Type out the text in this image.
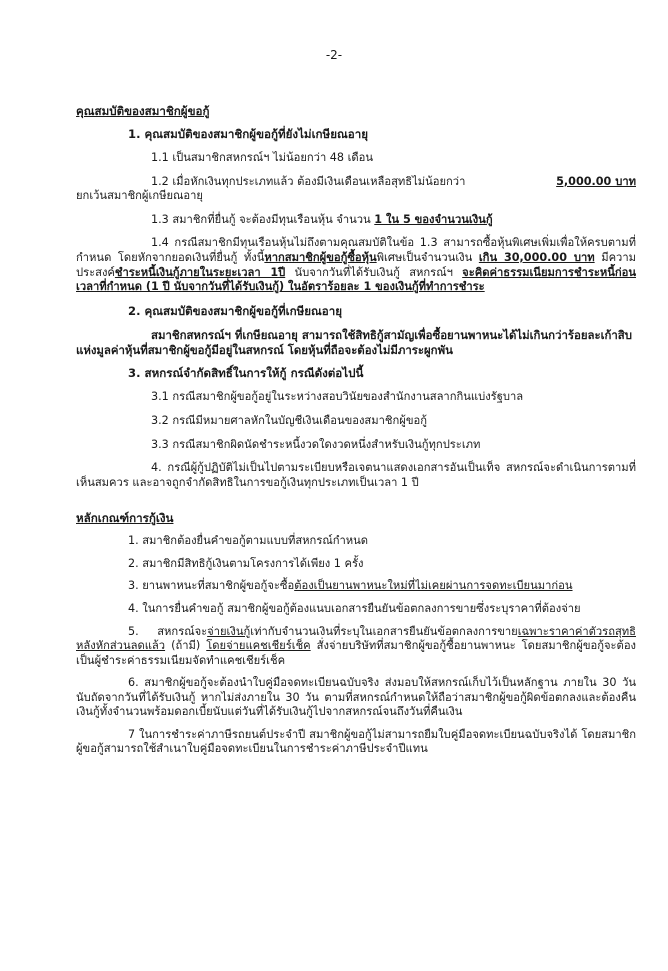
-2-
คุณสมบัติของสมาชิกผู้ขอกู้
1. คุณสมบัติของสมาชิกผู้ขอกู้ที่ยังไม่เกษียณอายุ
1.1 เป็นสมาชิกสหกรณ์ฯ ไม่น้อยกว่า 48 เดือน
1.2 เมื่อหักเงินทุกประเภทแล้ว ต้องมีเงินเดือนเหลือสุทธิไม่น้อยกว่า	5,000.00 บาท

ยกเว้นสมาชิกผู้เกษียณอายุ
1.3 สมาชิกที่ยื่นกู้ จะต้องมีทุนเรือนหุ้น จำนวน 1 ใน 5 ของจำนวนเงินกู้
1.4 กรณีสมาชิกมีทุนเรือนหุ้นไม่ถึงตามคุณสมบัติในข้อ 1.3 สามารถซื้อหุ้นพิเศษเพิ่มเพื่อให้ครบตามที่กำหนด โดยหักจากยอดเงินที่ยื่นกู้ ทั้งนี้หากสมาชิกผู้ขอกู้ซื้อหุ้นพิเศษเป็นจำนวนเงิน เกิน 30,000.00 บาท มีความประสงค์ชำระหนี้เงินกู้ภายในระยะเวลา 1ปี นับจากวันที่ได้รับเงินกู้ สหกรณ์ฯ จะคิดค่าธรรมเนียมการชำระหนี้ก่อนเวลาที่กำหนด (1 ปี นับจากวันที่ได้รับเงินกู้) ในอัตราร้อยละ 1 ของเงินกู้ที่ทำการชำระ
2. คุณสมบัติของสมาชิกผู้ขอกู้ที่เกษียณอายุ
สมาชิกสหกรณ์ฯ ที่เกษียณอายุ สามารถใช้สิทธิกู้สามัญเพื่อซื้อยานพาหนะได้ไม่เกินกว่าร้อยละเก้าสิบแห่งมูลค่าหุ้นที่สมาชิกผู้ขอกู้มีอยู่ในสหกรณ์ โดยหุ้นที่ถือจะต้องไม่มีภาระผูกพัน
3. สหกรณ์จำกัดสิทธิ์ในการให้กู้ กรณีดังต่อไปนี้
3.1 กรณีสมาชิกผู้ขอกู้อยู่ในระหว่างสอบวินัยของสำนักงานสลากกินแบ่งรัฐบาล
3.2 กรณีมีหมายศาลหักในบัญชีเงินเดือนของสมาชิกผู้ขอกู้
3.3 กรณีสมาชิกผิดนัดชำระหนี้งวดใดงวดหนึ่งสำหรับเงินกู้ทุกประเภท
4. กรณีผู้กู้ปฏิบัติไม่เป็นไปตามระเบียบหรือเจตนาแสดงเอกสารอันเป็นเท็จ สหกรณ์จะดำเนินการตามที่เห็นสมควร และอาจถูกจำกัดสิทธิในการขอกู้เงินทุกประเภทเป็นเวลา 1 ปี
หลักเกณฑ์การกู้เงิน
1. สมาชิกต้องยื่นคำขอกู้ตามแบบที่สหกรณ์กำหนด
2. สมาชิกมีสิทธิกู้เงินตามโครงการได้เพียง 1 ครั้ง
3. ยานพาหนะที่สมาชิกผู้ขอกู้จะซื้อต้องเป็นยานพาหนะใหม่ที่ไม่เคยผ่านการจดทะเบียนมาก่อน
4. ในการยื่นคำขอกู้ สมาชิกผู้ขอกู้ต้องแนบเอกสารยืนยันข้อตกลงการขายซึ่งระบุราคาที่ต้องจ่าย
5. สหกรณ์จะจ่ายเงินกู้เท่ากับจำนวนเงินที่ระบุในเอกสารยืนยันข้อตกลงการขายเฉพาะราคาค่าตัวรถสุทธิหลังหักส่วนลดแล้ว (ถ้ามี) โดยจ่ายแคชเชียร์เช็ค สั่งจ่ายบริษัทที่สมาชิกผู้ขอกู้ซื้อยานพาหนะ โดยสมาชิกผู้ขอกู้จะต้องเป็นผู้ชำระค่าธรรมเนียมจัดทำแคชเชียร์เช็ค
6. สมาชิกผู้ขอกู้จะต้องนำใบคู่มือจดทะเบียนฉบับจริง ส่งมอบให้สหกรณ์เก็บไว้เป็นหลักฐาน ภายใน 30 วันนับถัดจากวันที่ได้รับเงินกู้ หากไม่ส่งภายใน 30 วัน ตามที่สหกรณ์กำหนดให้ถือว่าสมาชิกผู้ขอกู้ผิดข้อตกลงและต้องคืนเงินกู้ทั้งจำนวนพร้อมดอกเบี้ยนับแต่วันที่ได้รับเงินกู้ไปจากสหกรณ์จนถึงวันที่คืนเงิน
7 ในการชำระค่าภาษีรถยนต์ประจำปี สมาชิกผู้ขอกู้ไม่สามารถยืมใบคู่มือจดทะเบียนฉบับจริงได้ โดยสมาชิกผู้ขอกู้สามารถใช้สำเนาใบคู่มือจดทะเบียนในการชำระค่าภาษีประจำปีแทน
